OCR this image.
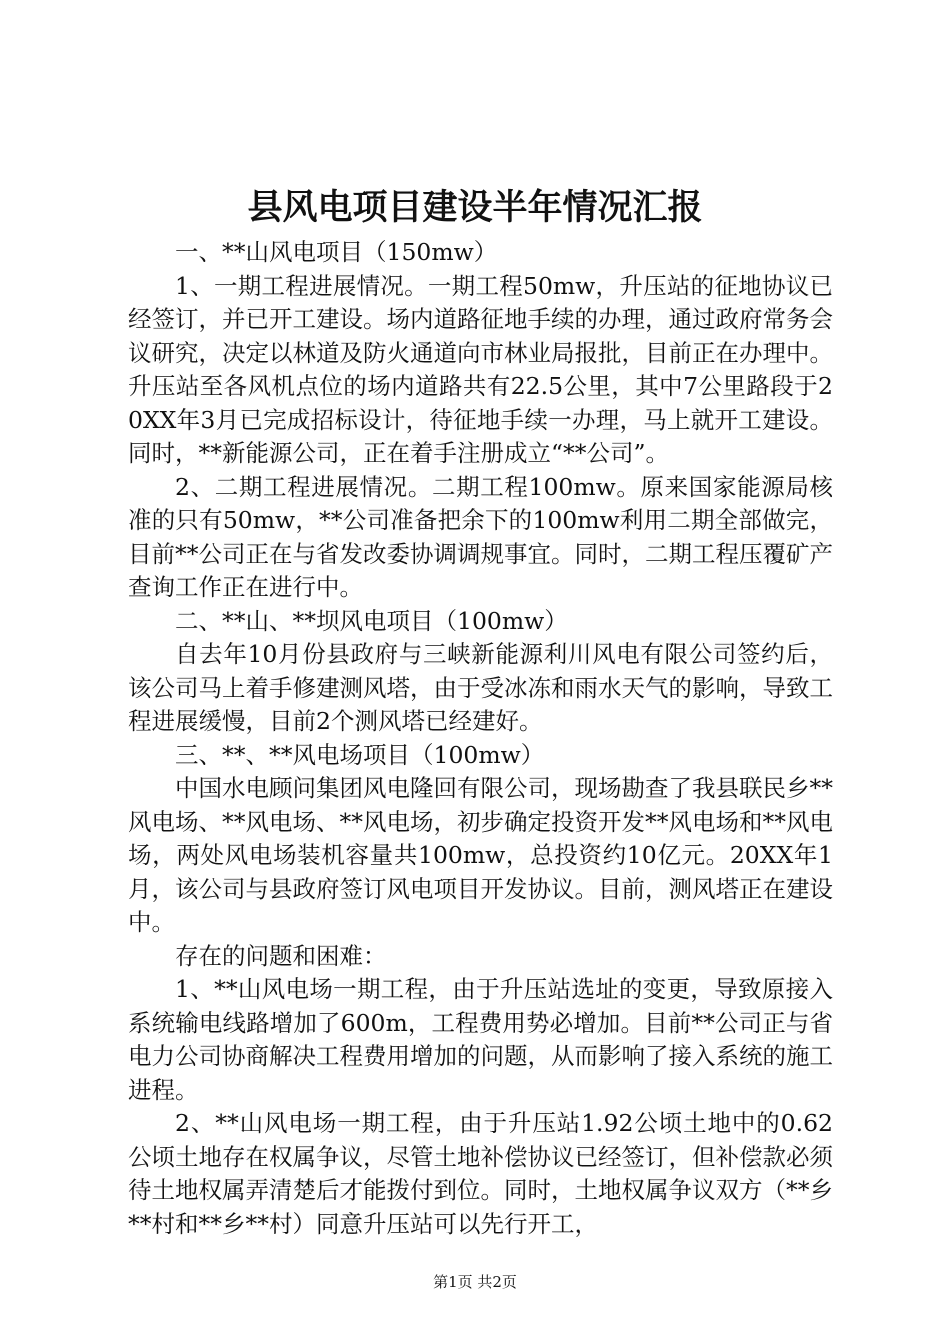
县风电项目建设半年情况汇报

一、**山风电项目（150mw）

1、一期工程进展情况。一期工程50mw，升压站的征地协议已经签订，并已开工建设。场内道路征地手续的办理，通过政府常务会议研究，决定以林道及防火通道向市林业局报批，目前正在办理中。升压站至各风机点位的场内道路共有22.5公里，其中7公里路段于20XX年3月已完成招标设计，待征地手续一办理，马上就开工建设。同时，**新能源公司，正在着手注册成立“**公司”。

2、二期工程进展情况。二期工程100mw。原来国家能源局核准的只有50mw，**公司准备把余下的100mw利用二期全部做完，目前**公司正在与省发改委协调调规事宜。同时，二期工程压覆矿产查询工作正在进行中。

二、**山、**坝风电项目（100mw）

自去年10月份县政府与三峡新能源利川风电有限公司签约后，该公司马上着手修建测风塔，由于受冰冻和雨水天气的影响，导致工程进展缓慢，目前2个测风塔已经建好。

三、**、**风电场项目（100mw）

中国水电顾问集团风电隆回有限公司，现场勘查了我县联民乡**风电场、**风电场、**风电场，初步确定投资开发**风电场和**风电场，两处风电场装机容量共100mw，总投资约10亿元。20XX年1月，该公司与县政府签订风电项目开发协议。目前，测风塔正在建设中。

存在的问题和困难：

1、**山风电场一期工程，由于升压站选址的变更，导致原接入系统输电线路增加了600m，工程费用势必增加。目前**公司正与省电力公司协商解决工程费用增加的问题，从而影响了接入系统的施工进程。

2、**山风电场一期工程，由于升压站1.92公顷土地中的0.62公顷土地存在权属争议，尽管土地补偿协议已经签订，但补偿款必须待土地权属弄清楚后才能拨付到位。同时，土地权属争议双方（**乡**村和**乡**村）同意升压站可以先行开工，

第1页 共2页
